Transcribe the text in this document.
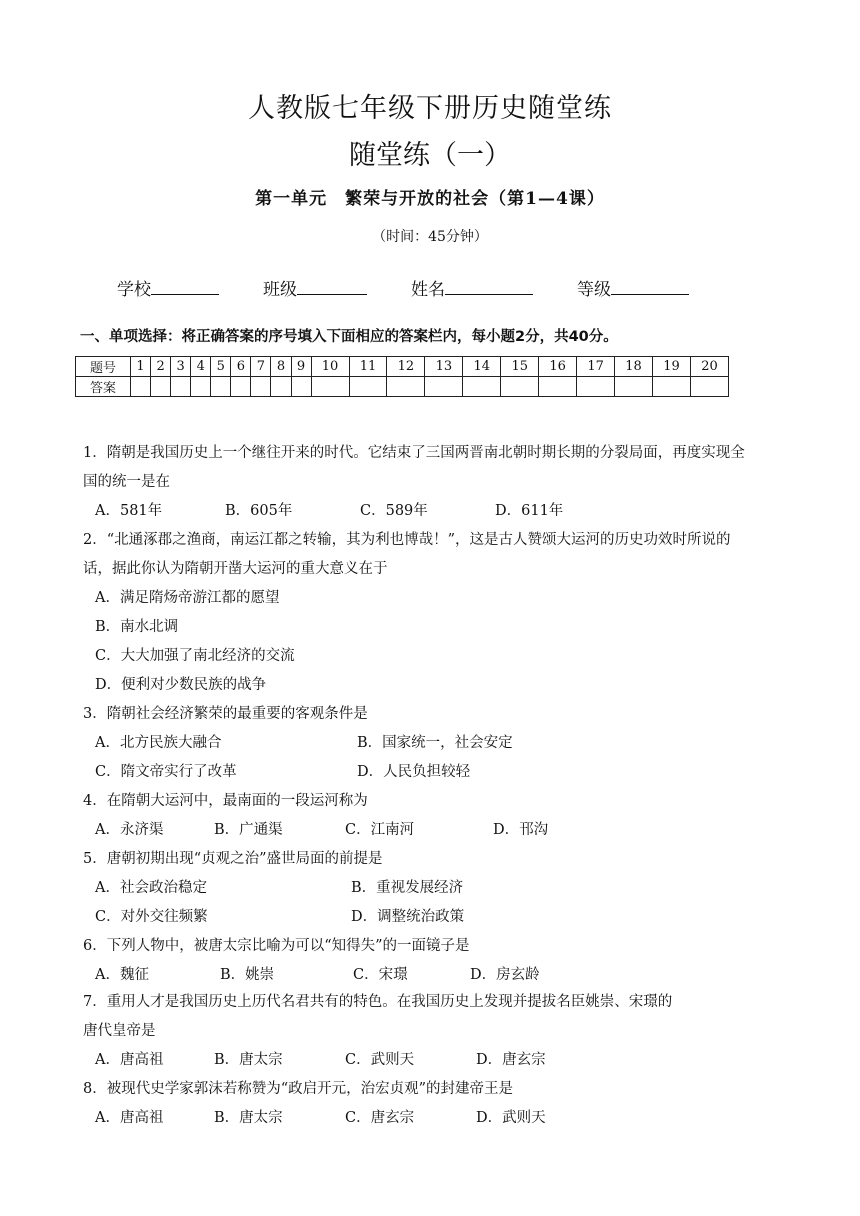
人教版七年级下册历史随堂练
随堂练（一）
第一单元　繁荣与开放的社会（第1—4课）
（时间：45分钟）
学校	班级	姓名	等级
一、单项选择：将正确答案的序号填入下面相应的答案栏内，每小题2分，共40分。
题号	1	2	3	4	5	6	7	8	9	10	11	12	13	14	15	16	17	18	19	20
答案																				
1．隋朝是我国历史上一个继往开来的时代。它结束了三国两晋南北朝时期长期的分裂局面，再度实现全
国的统一是在
A．581年	B．605年	C．589年	D．611年
2．“北通涿郡之渔商，南运江都之转输，其为利也博哉！”，这是古人赞颂大运河的历史功效时所说的
话，据此你认为隋朝开凿大运河的重大意义在于
A．满足隋炀帝游江都的愿望
B．南水北调
C．大大加强了南北经济的交流
D．便利对少数民族的战争
3．隋朝社会经济繁荣的最重要的客观条件是
A．北方民族大融合	B．国家统一，社会安定
C．隋文帝实行了改革	D．人民负担较轻
4．在隋朝大运河中，最南面的一段运河称为
A．永济渠	B．广通渠	C．江南河	D．邗沟
5．唐朝初期出现“贞观之治”盛世局面的前提是
A．社会政治稳定	B．重视发展经济
C．对外交往频繁	D．调整统治政策
6．下列人物中，被唐太宗比喻为可以“知得失”的一面镜子是
A．魏征	B．姚崇	C．宋璟	D．房玄龄
7．重用人才是我国历史上历代名君共有的特色。在我国历史上发现并提拔名臣姚崇、宋璟的
唐代皇帝是
A．唐高祖	B．唐太宗	C．武则天	D．唐玄宗
8．被现代史学家郭沫若称赞为“政启开元，治宏贞观”的封建帝王是
A．唐高祖	B．唐太宗	C．唐玄宗	D．武则天
